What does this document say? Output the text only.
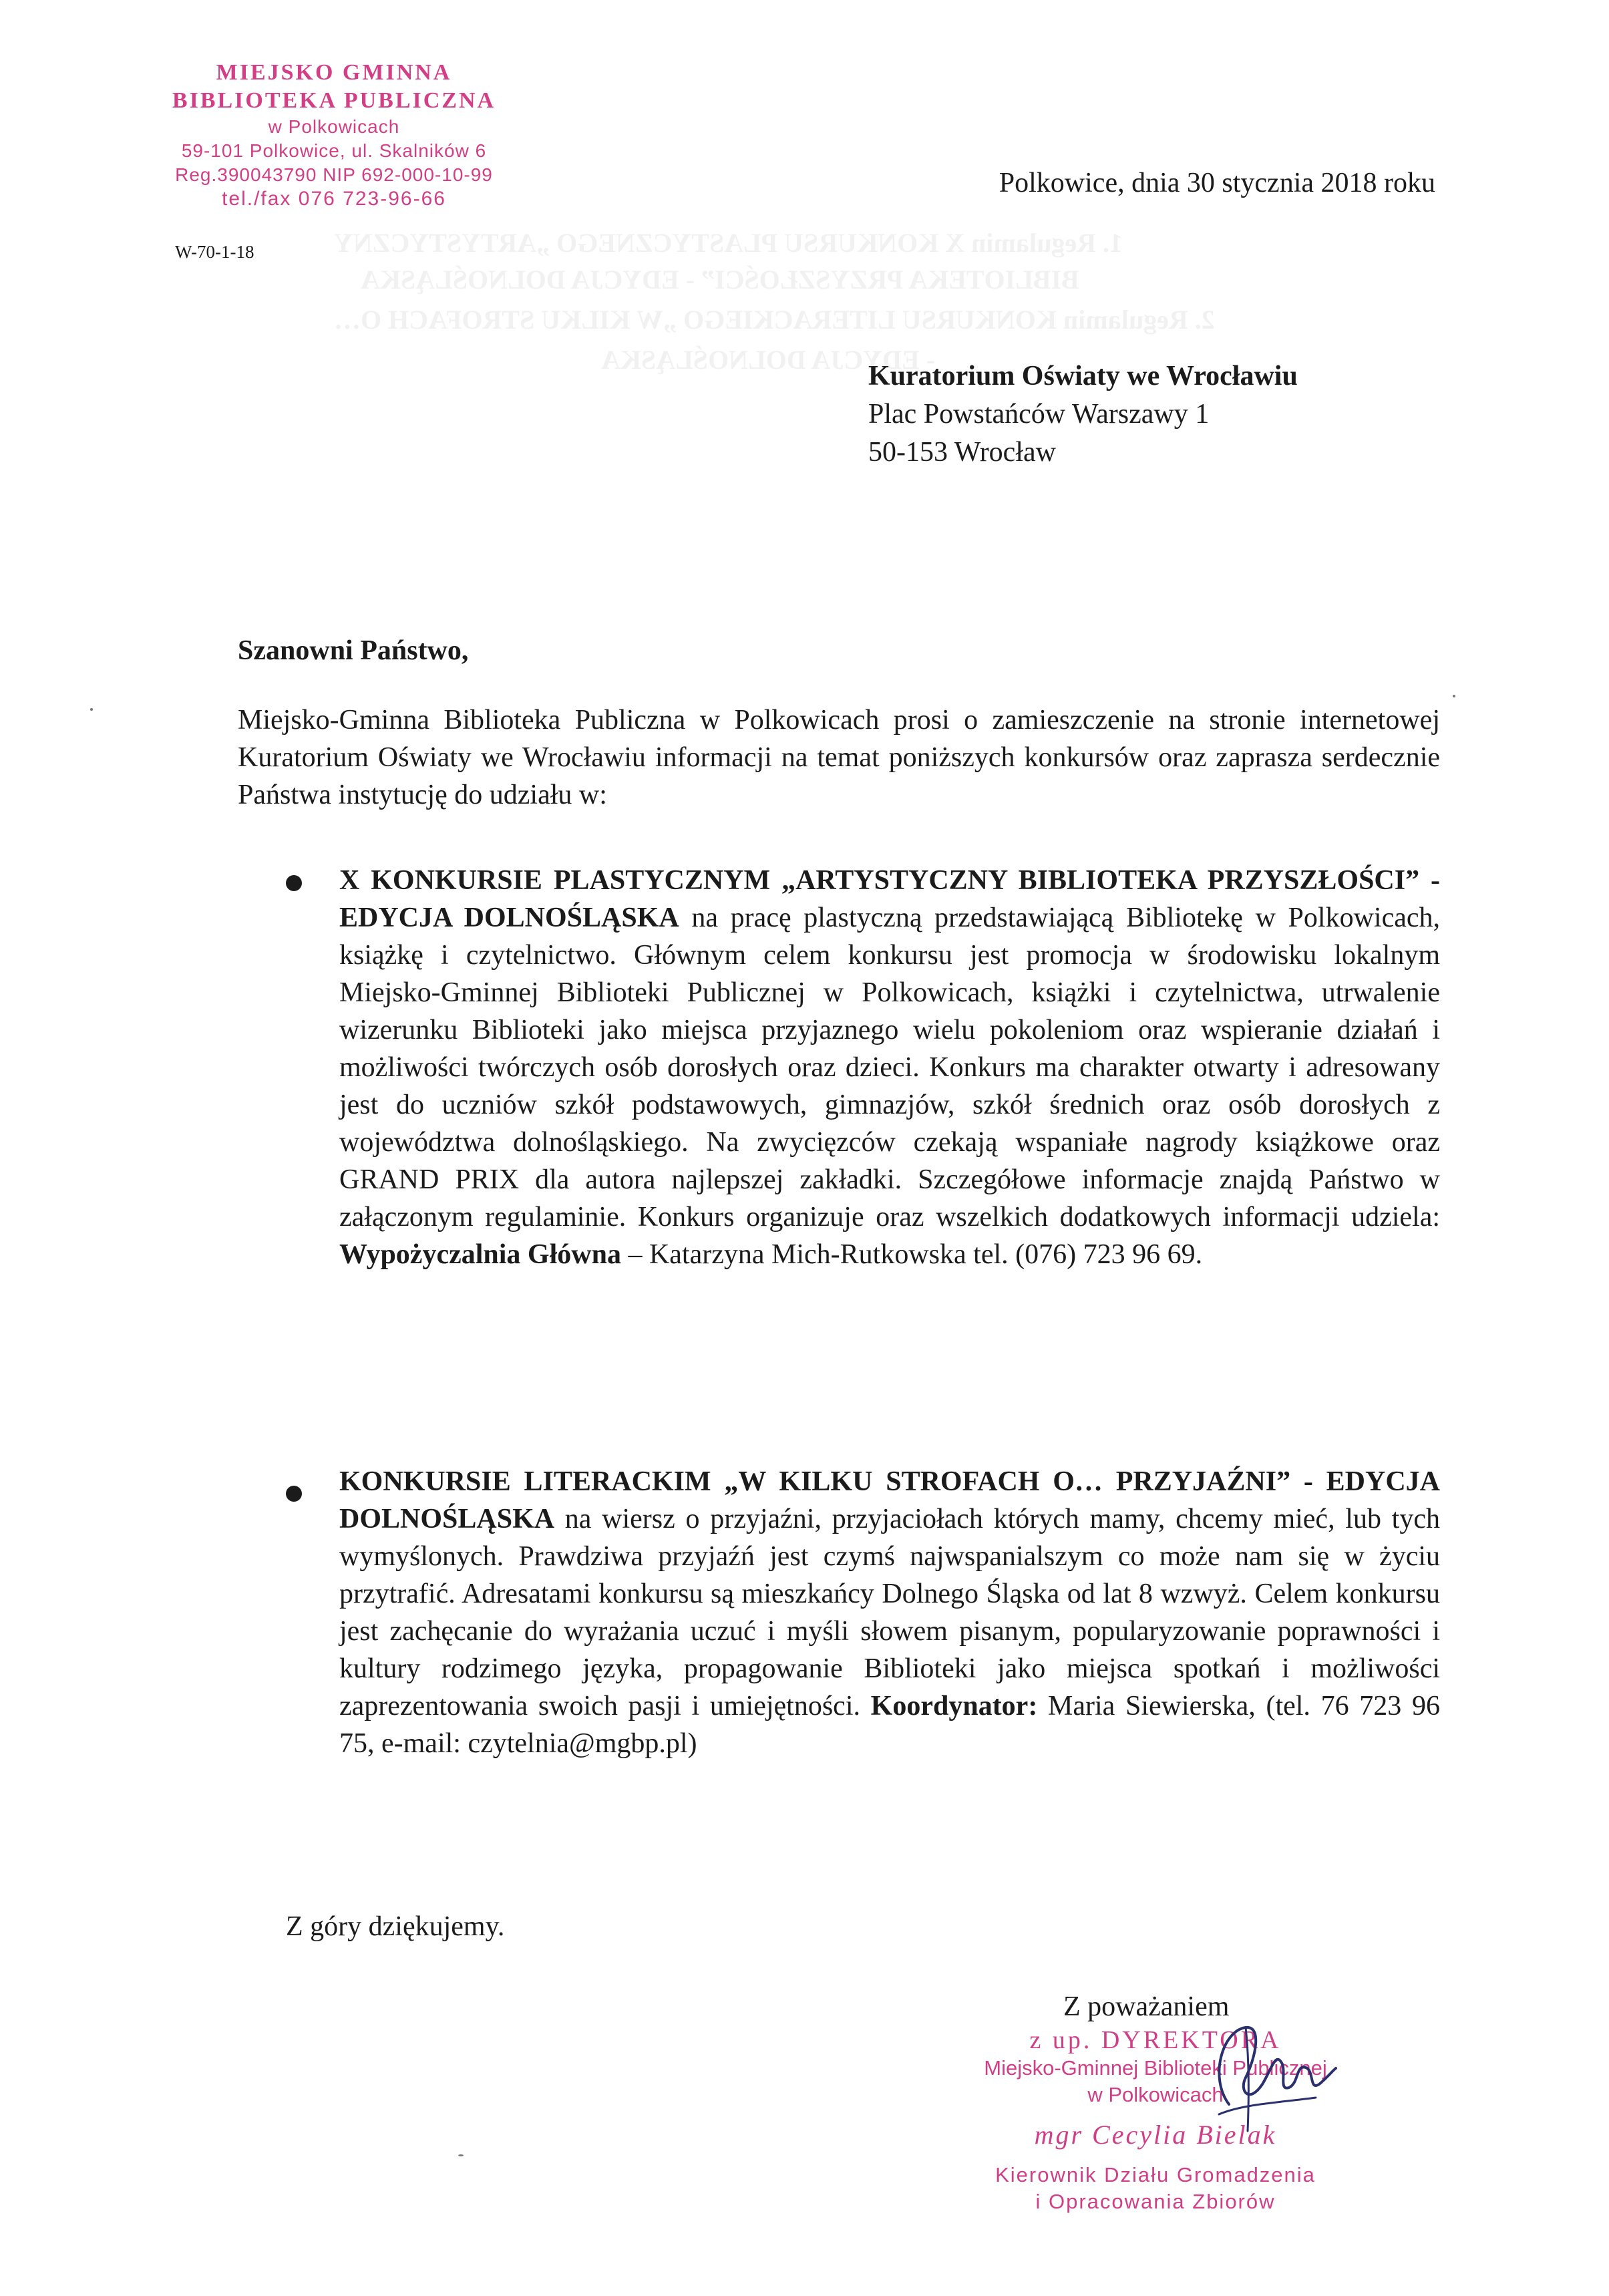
MIEJSKO GMINNA
BIBLIOTEKA PUBLICZNA
w Polkowicach
59-101 Polkowice, ul. Skalników 6
Reg.390043790 NIP 692-000-10-99
tel./fax 076 723-96-66
Polkowice, dnia 30 stycznia 2018 roku
W-70-1-18	1. Regulamin X KONKURSU PLASTYCZNEGO „ARTYSTYCZNY
BIBLIOTEKA PRZYSZŁOŚCI” - EDYCJA DOLNOŚLĄSKA
2. Regulamin KONKURSU LITERACKIEGO „W KILKU STROFACH O…
- EDYCJA DOLNOŚLĄSKA
Kuratorium Oświaty we Wrocławiu
Plac Powstańców Warszawy 1
50-153 Wrocław
Szanowni Państwo,
Miejsko-Gminna Biblioteka Publiczna w Polkowicach prosi o zamieszczenie na stronie internetowej Kuratorium Oświaty we Wrocławiu informacji na temat poniższych konkursów oraz zaprasza serdecznie Państwa instytucję do udziału w:
X KONKURSIE PLASTYCZNYM „ARTYSTYCZNY BIBLIOTEKA PRZYSZŁOŚCI” - EDYCJA DOLNOŚLĄSKA na pracę plastyczną przedstawiającą Bibliotekę w Polkowicach, książkę i czytelnictwo. Głównym celem konkursu jest promocja w środowisku lokalnym Miejsko-Gminnej Biblioteki Publicznej w Polkowicach, książki i czytelnictwa, utrwalenie wizerunku Biblioteki jako miejsca przyjaznego wielu pokoleniom oraz wspieranie działań i możliwości twórczych osób dorosłych oraz dzieci. Konkurs ma charakter otwarty i adresowany jest do uczniów szkół podstawowych, gimnazjów, szkół średnich oraz osób dorosłych z województwa dolnośląskiego. Na zwycięzców czekają wspaniałe nagrody książkowe oraz GRAND PRIX dla autora najlepszej zakładki. Szczegółowe informacje znajdą Państwo w załączonym regulaminie. Konkurs organizuje oraz wszelkich dodatkowych informacji udziela: Wypożyczalnia Główna – Katarzyna Mich-Rutkowska tel. (076) 723 96 69.
KONKURSIE LITERACKIM „W KILKU STROFACH O… PRZYJAŹNI” - EDYCJA DOLNOŚLĄSKA na wiersz o przyjaźni, przyjaciołach których mamy, chcemy mieć, lub tych wymyślonych. Prawdziwa przyjaźń jest czymś najwspanialszym co może nam się w życiu przytrafić. Adresatami konkursu są mieszkańcy Dolnego Śląska od lat 8 wzwyż. Celem konkursu jest zachęcanie do wyrażania uczuć i myśli słowem pisanym, popularyzowanie poprawności i kultury rodzimego języka, propagowanie Biblioteki jako miejsca spotkań i możliwości zaprezentowania swoich pasji i umiejętności. Koordynator: Maria Siewierska, (tel. 76 723 96 75, e-mail: czytelnia@mgbp.pl)
Z góry dziękujemy.
Z poważaniem
z up. DYREKTORA
Miejsko-Gminnej Biblioteki Publicznej
w Polkowicach
mgr Cecylia Bielak
Kierownik Działu Gromadzenia
i Opracowania Zbiorów
